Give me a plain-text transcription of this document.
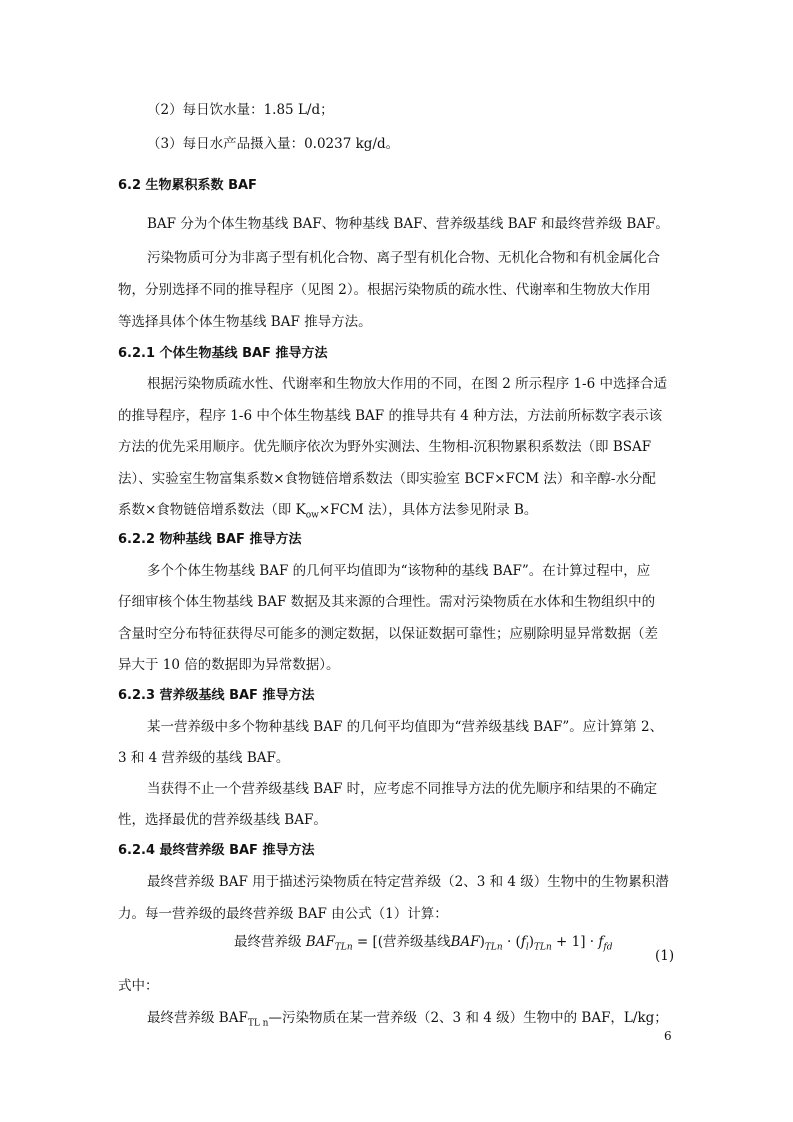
（2）每日饮水量：1.85 L/d；
（3）每日水产品摄入量：0.0237 kg/d。
6.2 生物累积系数 BAF
BAF 分为个体生物基线 BAF、物种基线 BAF、营养级基线 BAF 和最终营养级 BAF。
污染物质可分为非离子型有机化合物、离子型有机化合物、无机化合物和有机金属化合
物，分别选择不同的推导程序（见图 2）。根据污染物质的疏水性、代谢率和生物放大作用
等选择具体个体生物基线 BAF 推导方法。
6.2.1 个体生物基线 BAF 推导方法
根据污染物质疏水性、代谢率和生物放大作用的不同，在图 2 所示程序 1-6 中选择合适
的推导程序，程序 1-6 中个体生物基线 BAF 的推导共有 4 种方法，方法前所标数字表示该
方法的优先采用顺序。优先顺序依次为野外实测法、生物相-沉积物累积系数法（即 BSAF
法）、实验室生物富集系数×食物链倍增系数法（即实验室 BCF×FCM 法）和辛醇-水分配
系数×食物链倍增系数法（即 $K_{ow}\times FCM$ 法），具体方法参见附录 B。
6.2.2 物种基线 BAF 推导方法
多个个体生物基线 BAF 的几何平均值即为“该物种的基线 BAF”。在计算过程中，应
仔细审核个体生物基线 BAF 数据及其来源的合理性。需对污染物质在水体和生物组织中的
含量时空分布特征获得尽可能多的测定数据，以保证数据可靠性；应剔除明显异常数据（差
异大于 10 倍的数据即为异常数据）。
6.2.3 营养级基线 BAF 推导方法
某一营养级中多个物种基线 BAF 的几何平均值即为“营养级基线 BAF”。应计算第 2、
3 和 4 营养级的基线 BAF。
当获得不止一个营养级基线 BAF 时，应考虑不同推导方法的优先顺序和结果的不确定
性，选择最优的营养级基线 BAF。
6.2.4 最终营养级 BAF 推导方法
最终营养级 BAF 用于描述污染物质在特定营养级（2、3 和 4 级）生物中的生物累积潜
力。每一营养级的最终营养级 BAF 由公式（1）计算：
最终营养级 $BAF_{TLn}$ = [(营养级基线$BAF)_{TLn} \cdot (f_l)_{TLn} + 1] \cdot f_{fd}$
(1)
式中：
最终营养级 $BAF_{TL n}—$污染物质在某一营养级（2、3 和 4 级）生物中的 BAF，L/kg；
6
